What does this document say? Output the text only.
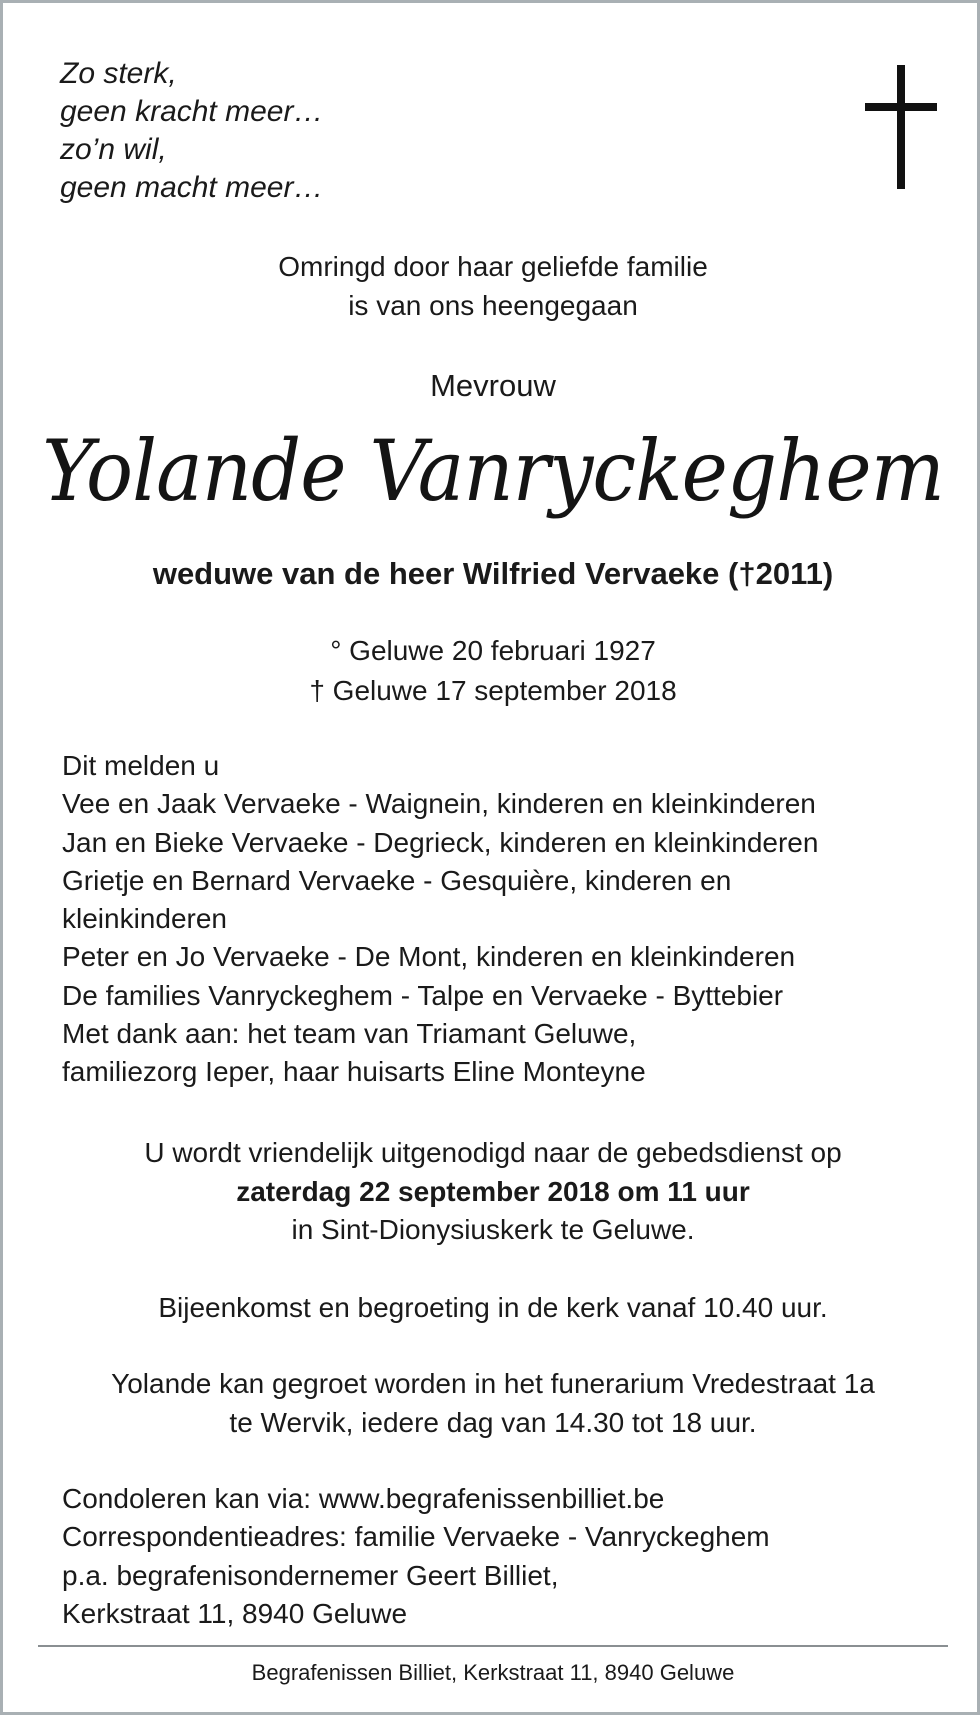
Zo sterk,
geen kracht meer…
zo’n wil,
geen macht meer…
Omringd door haar geliefde familie
is van ons heengegaan
Mevrouw
Yolande Vanryckeghem
weduwe van de heer Wilfried Vervaeke (†2011)
° Geluwe 20 februari 1927
† Geluwe 17 september 2018
Dit melden u
Vee en Jaak Vervaeke - Waignein, kinderen en kleinkinderen
Jan en Bieke Vervaeke - Degrieck, kinderen en kleinkinderen
Grietje en Bernard Vervaeke - Gesquière, kinderen en
kleinkinderen
Peter en Jo Vervaeke - De Mont, kinderen en kleinkinderen
De families Vanryckeghem - Talpe en Vervaeke - Byttebier
Met dank aan: het team van Triamant Geluwe,
familiezorg Ieper, haar huisarts Eline Monteyne
U wordt vriendelijk uitgenodigd naar de gebedsdienst op
zaterdag 22 september 2018 om 11 uur
in Sint-Dionysiuskerk te Geluwe.
Bijeenkomst en begroeting in de kerk vanaf 10.40 uur.
Yolande kan gegroet worden in het funerarium Vredestraat 1a
te Wervik, iedere dag van 14.30 tot 18 uur.
Condoleren kan via: www.begrafenissenbilliet.be
Correspondentieadres: familie Vervaeke - Vanryckeghem
p.a. begrafenisondernemer Geert Billiet,
Kerkstraat 11, 8940 Geluwe
Begrafenissen Billiet, Kerkstraat 11, 8940 Geluwe
